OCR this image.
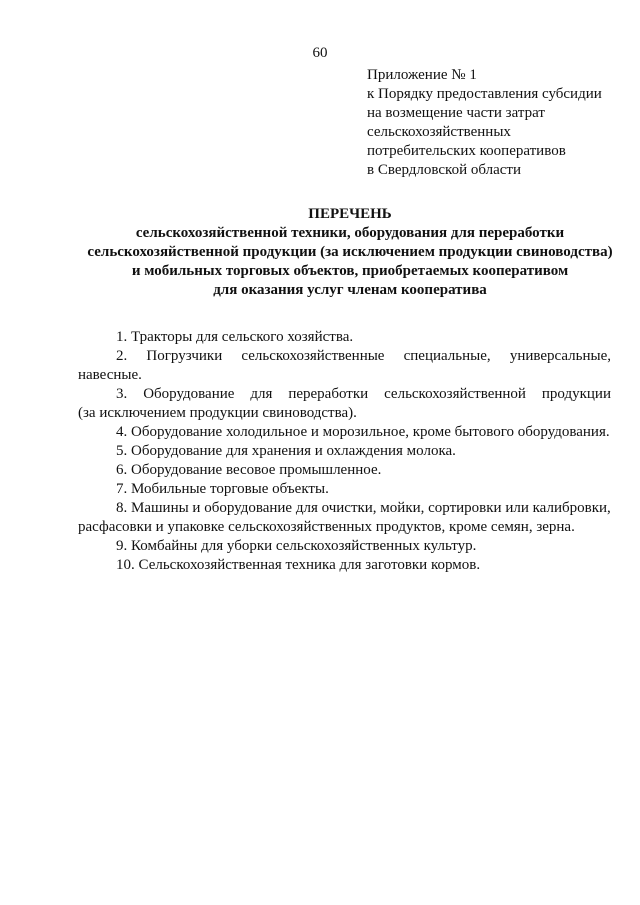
60
Приложение № 1
к Порядку предоставления субсидии
на возмещение части затрат
сельскохозяйственных
потребительских кооперативов
в Свердловской области
ПЕРЕЧЕНЬ
сельскохозяйственной техники, оборудования для переработки
сельскохозяйственной продукции (за исключением продукции свиноводства)
и мобильных торговых объектов, приобретаемых кооперативом
для оказания услуг членам кооператива
1. Тракторы для сельского хозяйства.
2. Погрузчики сельскохозяйственные специальные, универсальные,
навесные.
3. Оборудование для переработки сельскохозяйственной продукции
(за исключением продукции свиноводства).
4. Оборудование холодильное и морозильное, кроме бытового оборудования.
5. Оборудование для хранения и охлаждения молока.
6. Оборудование весовое промышленное.
7. Мобильные торговые объекты.
8. Машины и оборудование для очистки, мойки, сортировки или калибровки,
расфасовки и упаковке сельскохозяйственных продуктов, кроме семян, зерна.
9. Комбайны для уборки сельскохозяйственных культур.
10. Сельскохозяйственная техника для заготовки кормов.
